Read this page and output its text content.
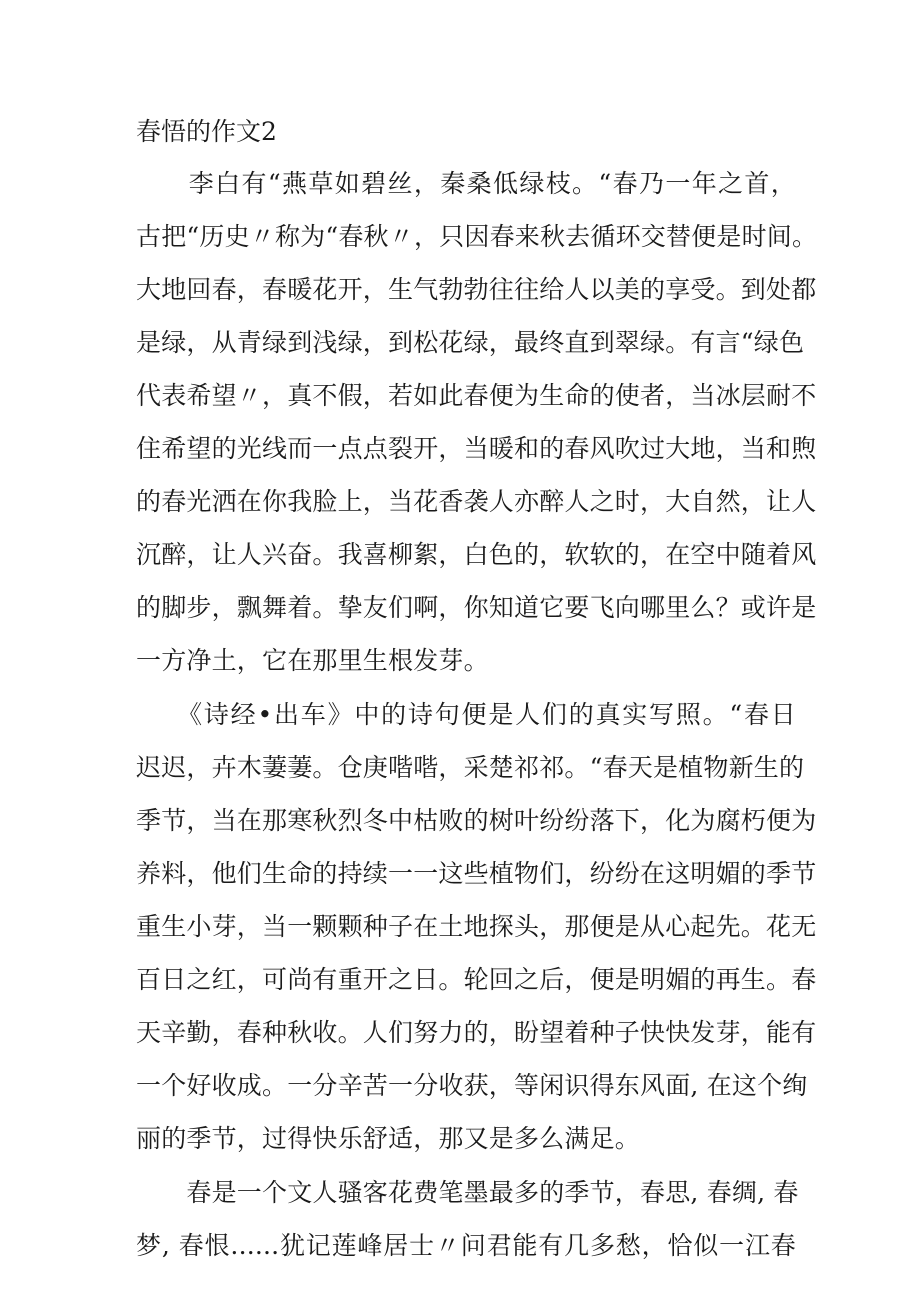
春悟的作文2
　　李白有“燕草如碧丝，秦桑低绿枝。“春乃一年之首，
古把“历史〃称为“春秋〃，只因春来秋去循环交替便是时间。
大地回春，春暖花开，生气勃勃往往给人以美的享受。到处都
是绿，从青绿到浅绿，到松花绿，最终直到翠绿。有言“绿色
代表希望〃，真不假，若如此春便为生命的使者，当冰层耐不
住希望的光线而一点点裂开，当暖和的春风吹过大地，当和煦
的春光洒在你我脸上，当花香袭人亦醉人之时，大自然，让人
沉醉，让人兴奋。我喜柳絮，白色的，软软的，在空中随着风
的脚步，飘舞着。挚友们啊，你知道它要飞向哪里么？或许是
一方净土，它在那里生根发芽。
　　《诗经•出车》中的诗句便是人们的真实写照。“春日
迟迟，卉木萋萋。仓庚喈喈，采楚祁祁。“春天是植物新生的
季节，当在那寒秋烈冬中枯败的树叶纷纷落下，化为腐朽便为
养料，他们生命的持续一一这些植物们，纷纷在这明媚的季节
重生小芽，当一颗颗种子在土地探头，那便是从心起先。花无
百日之红，可尚有重开之日。轮回之后，便是明媚的再生。春
天辛勤，春种秋收。人们努力的，盼望着种子快快发芽，能有
一个好收成。一分辛苦一分收获，等闲识得东风面, 在这个绚
丽的季节，过得快乐舒适，那又是多么满足。
　　春是一个文人骚客花费笔墨最多的季节，春思, 春绸, 春
梦, 春恨......犹记莲峰居士〃问君能有几多愁，恰似一江春
